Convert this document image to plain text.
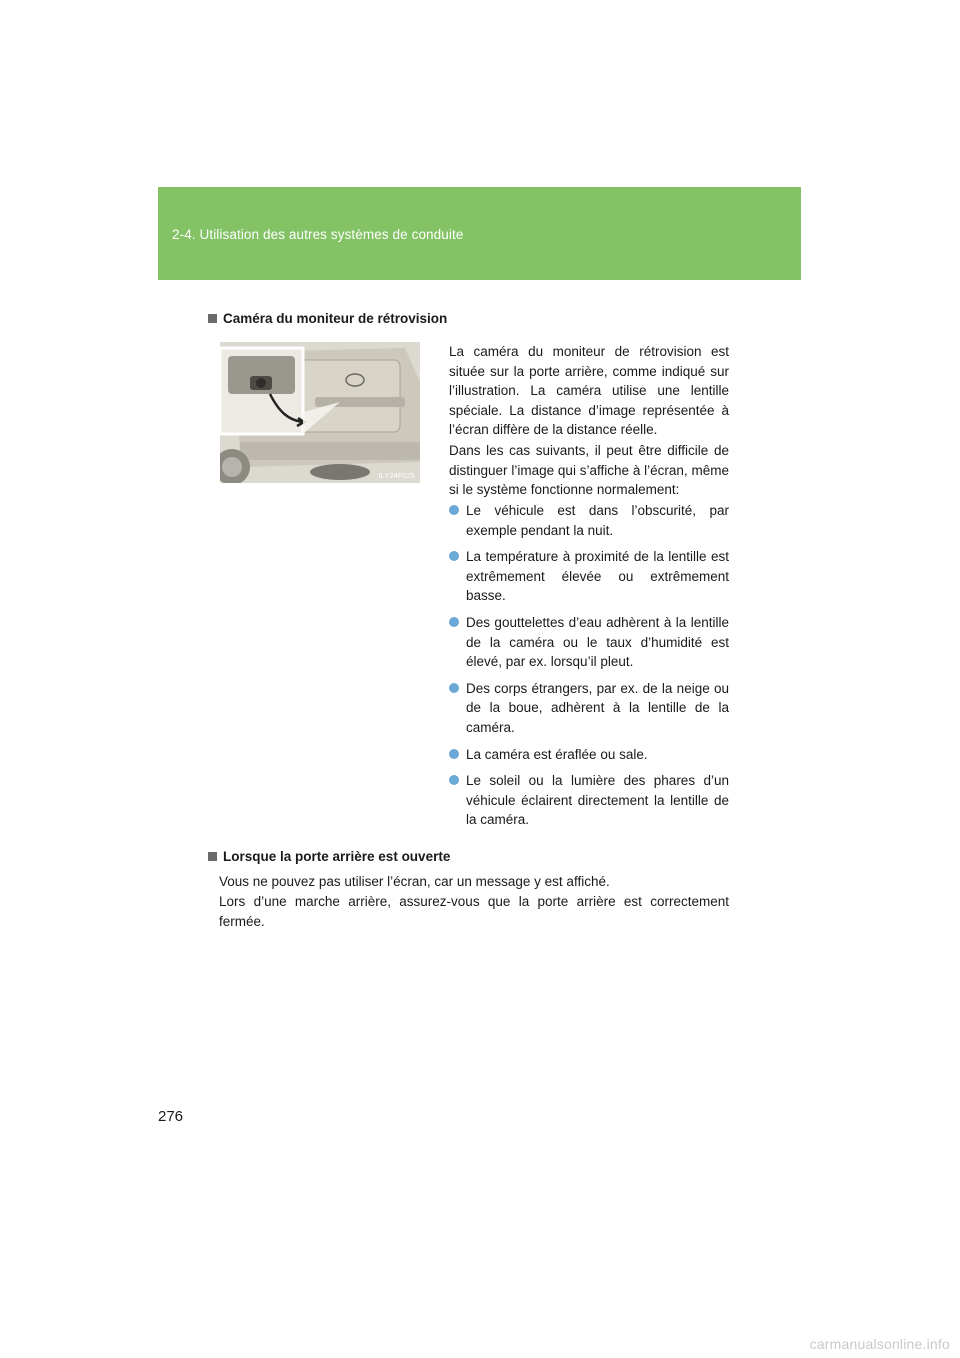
2-4. Utilisation des autres systèmes de conduite
Caméra du moniteur de rétrovision
ILY24F025

La caméra du moniteur de rétrovision est située sur la porte arrière, comme indiqué sur l’illustration. La caméra utilise une lentille spéciale. La distance d’image représentée à l’écran diffère de la distance réelle.

Dans les cas suivants, il peut être difficile de distinguer l’image qui s’affiche à l’écran, même si le système fonctionne normalement:

Le véhicule est dans l’obscurité, par exemple pendant la nuit.
La température à proximité de la lentille est extrêmement élevée ou extrêmement basse.
Des gouttelettes d’eau adhèrent à la lentille de la caméra ou le taux d’humidité est élevé, par ex. lorsqu’il pleut.
Des corps étrangers, par ex. de la neige ou de la boue, adhèrent à la lentille de la caméra.
La caméra est éraflée ou sale.
Le soleil ou la lumière des phares d’un véhicule éclairent directement la lentille de la caméra.
Lorsque la porte arrière est ouverte

Vous ne pouvez pas utiliser l’écran, car un message y est affiché.

Lors d’une marche arrière, assurez-vous que la porte arrière est correctement fermée.

276
carmanualsonline.info
